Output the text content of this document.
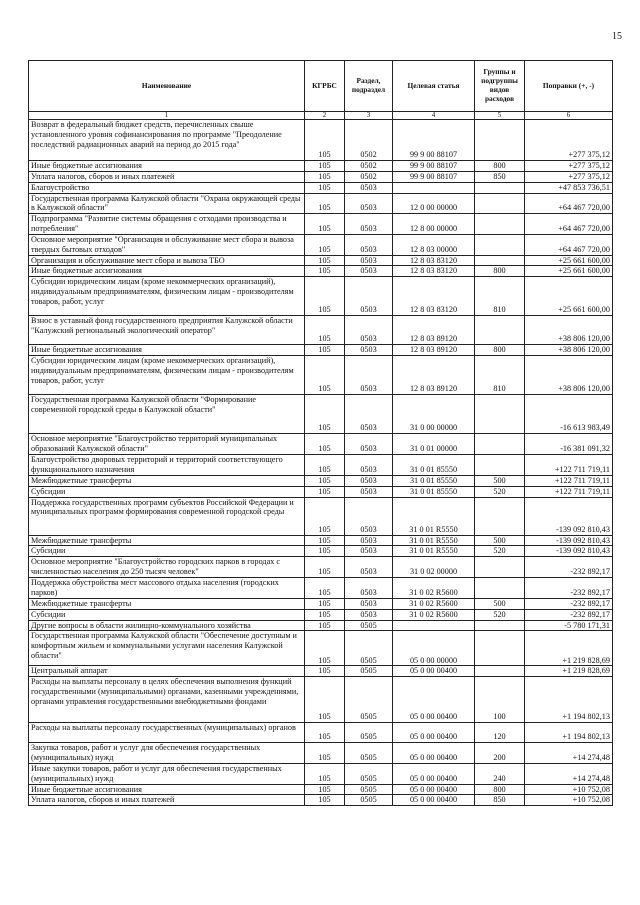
15
Наименование	КГРБС	Раздел, подраздел	Целевая статья	Группы и подгруппы видов расходов	Поправки (+, -)
1	2	3	4	5	6
Возврат в федеральный бюджет средств, перечисленных свыше установленного уровня софинансирования по программе "Преодоление последствий радиационных аварий на период до 2015 года"	105	0502	99 9 00 88107		+277 375,12
Иные бюджетные ассигнования	105	0502	99 9 00 88107	800	+277 375,12
Уплата налогов, сборов и иных платежей	105	0502	99 9 00 88107	850	+277 375,12
Благоустройство	105	0503			+47 853 736,51
Государственная программа Калужской области "Охрана окружающей среды в Калужской области"	105	0503	12 0 00 00000		+64 467 720,00
Подпрограмма "Развитие системы обращения с отходами производства и потребления"	105	0503	12 8 00 00000		+64 467 720,00
Основное мероприятие "Организация и обслуживание мест сбора и вывоза твердых бытовых отходов"	105	0503	12 8 03 00000		+64 467 720,00
Организация и обслуживание мест сбора и вывоза ТБО	105	0503	12 8 03 83120		+25 661 600,00
Иные бюджетные ассигнования	105	0503	12 8 03 83120	800	+25 661 600,00
Субсидии юридическим лицам (кроме некоммерческих организаций), индивидуальным предпринимателям, физическим лицам - производителям товаров, работ, услуг	105	0503	12 8 03 83120	810	+25 661 600,00
Взнос в уставный фонд государственного предприятия Калужской области "Калужский региональный экологический оператор"	105	0503	12 8 03 89120		+38 806 120,00
Иные бюджетные ассигнования	105	0503	12 8 03 89120	800	+38 806 120,00
Субсидии юридическим лицам (кроме некоммерческих организаций), индивидуальным предпринимателям, физическим лицам - производителям товаров, работ, услуг	105	0503	12 8 03 89120	810	+38 806 120,00
Государственная программа Калужской области "Формирование современной городской среды в Калужской области"	105	0503	31 0 00 00000		-16 613 983,49
Основное мероприятие "Благоустройство территорий муниципальных образований Калужской области"	105	0503	31 0 01 00000		-16 381 091,32
Благоустройство дворовых территорий и территорий соответствующего функционального назначения	105	0503	31 0 01 85550		+122 711 719,11
Межбюджетные трансферты	105	0503	31 0 01 85550	500	+122 711 719,11
Субсидии	105	0503	31 0 01 85550	520	+122 711 719,11
Поддержка государственных программ субъектов Российской Федерации и муниципальных программ формирования современной городской среды	105	0503	31 0 01 R5550		-139 092 810,43
Межбюджетные трансферты	105	0503	31 0 01 R5550	500	-139 092 810,43
Субсидии	105	0503	31 0 01 R5550	520	-139 092 810,43
Основное мероприятие "Благоустройство городских парков в городах с численностью населения до 250 тысяч человек"	105	0503	31 0 02 00000		-232 892,17
Поддержка обустройства мест массового отдыха населения (городских парков)	105	0503	31 0 02 R5600		-232 892,17
Межбюджетные трансферты	105	0503	31 0 02 R5600	500	-232 892,17
Субсидии	105	0503	31 0 02 R5600	520	-232 892,17
Другие вопросы в области жилищно-коммунального хозяйства	105	0505			-5 780 171,31
Государственная программа Калужской области "Обеспечение доступным и комфортным жильем и коммунальными услугами населения Калужской области"	105	0505	05 0 00 00000		+1 219 828,69
Центральный аппарат	105	0505	05 0 00 00400		+1 219 828,69
Расходы на выплаты персоналу в целях обеспечения выполнения функций государственными (муниципальными) органами, казенными учреждениями, органами управления государственными внебюджетными фондами	105	0505	05 0 00 00400	100	+1 194 802,13
Расходы на выплаты персоналу государственных (муниципальных) органов	105	0505	05 0 00 00400	120	+1 194 802,13
Закупка товаров, работ и услуг для обеспечения государственных (муниципальных) нужд	105	0505	05 0 00 00400	200	+14 274,48
Иные закупки товаров, работ и услуг для обеспечения государственных (муниципальных) нужд	105	0505	05 0 00 00400	240	+14 274,48
Иные бюджетные ассигнования	105	0505	05 0 00 00400	800	+10 752,08
Уплата налогов, сборов и иных платежей	105	0505	05 0 00 00400	850	+10 752,08
